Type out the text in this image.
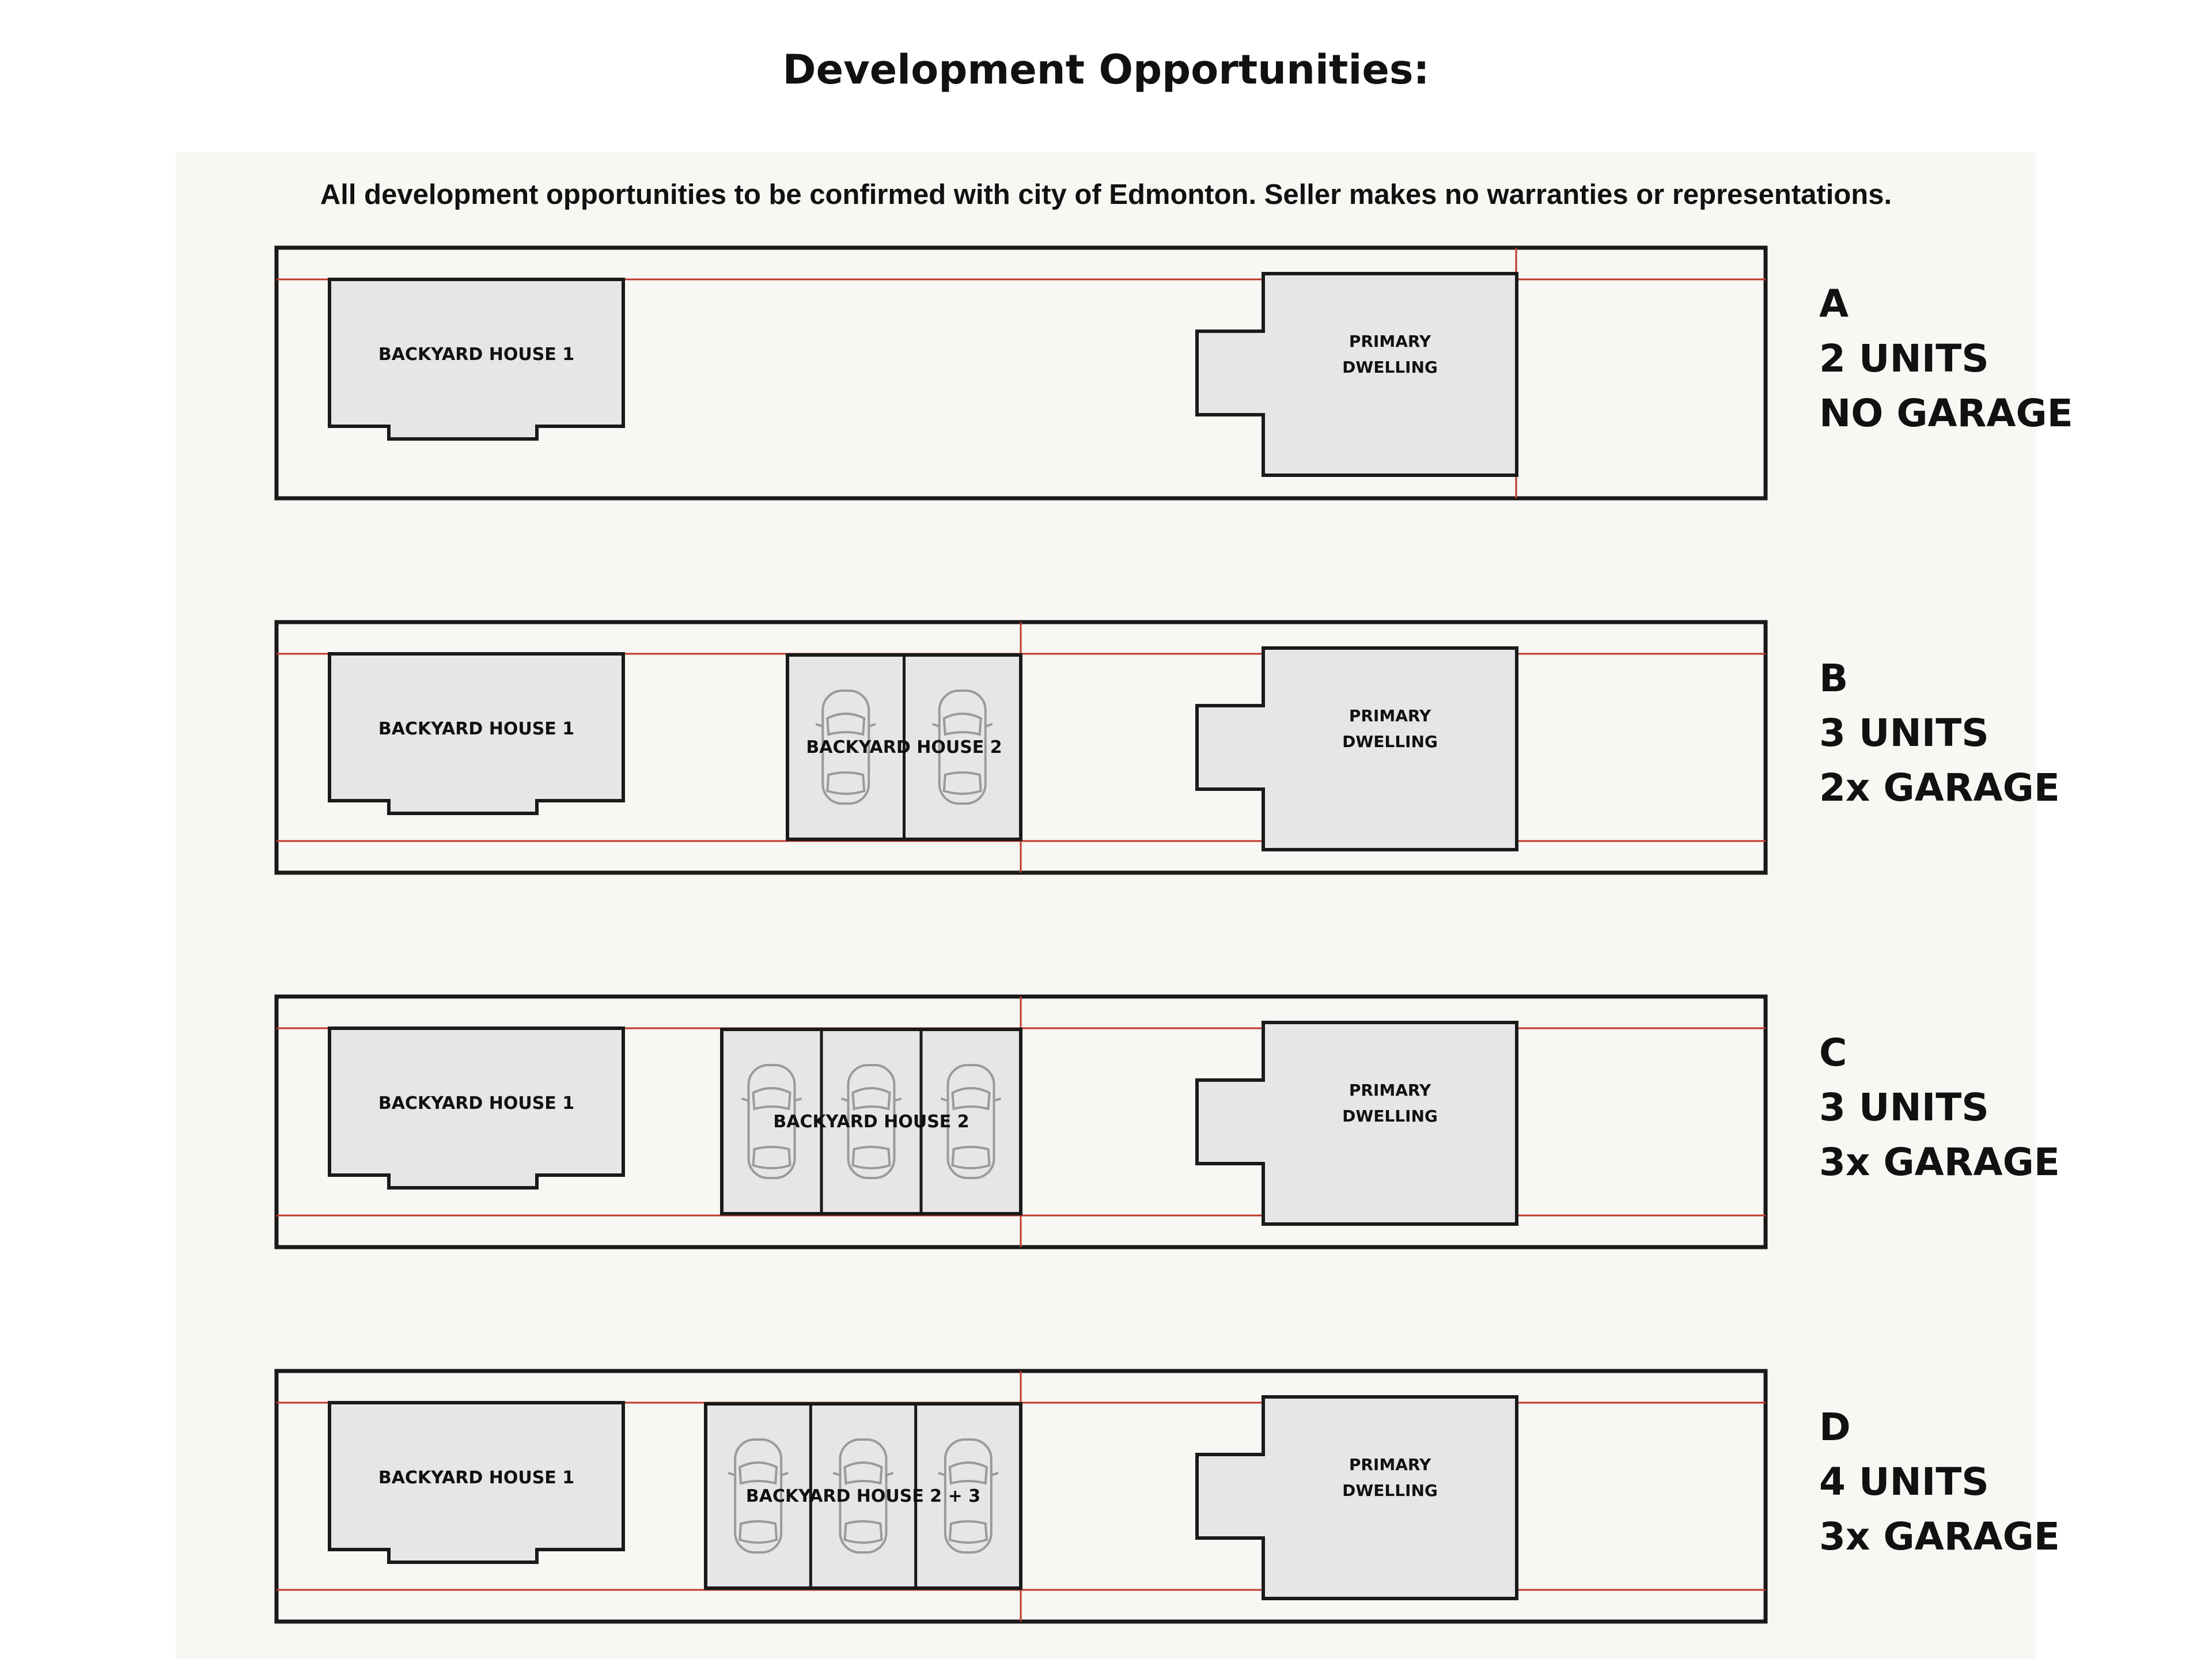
Development Opportunities:
All development opportunities to be confirmed with city of Edmonton. Seller makes no warranties or representations.
BACKYARD HOUSE 1
PRIMARY
DWELLING
A
2 UNITS
NO GARAGE
BACKYARD HOUSE 1
PRIMARY
DWELLING
BACKYARD HOUSE 2
B
3 UNITS
2x GARAGE
BACKYARD HOUSE 1
PRIMARY
DWELLING
BACKYARD HOUSE 2
C
3 UNITS
3x GARAGE
BACKYARD HOUSE 1
PRIMARY
DWELLING
BACKYARD HOUSE 2 + 3
D
4 UNITS
3x GARAGE
